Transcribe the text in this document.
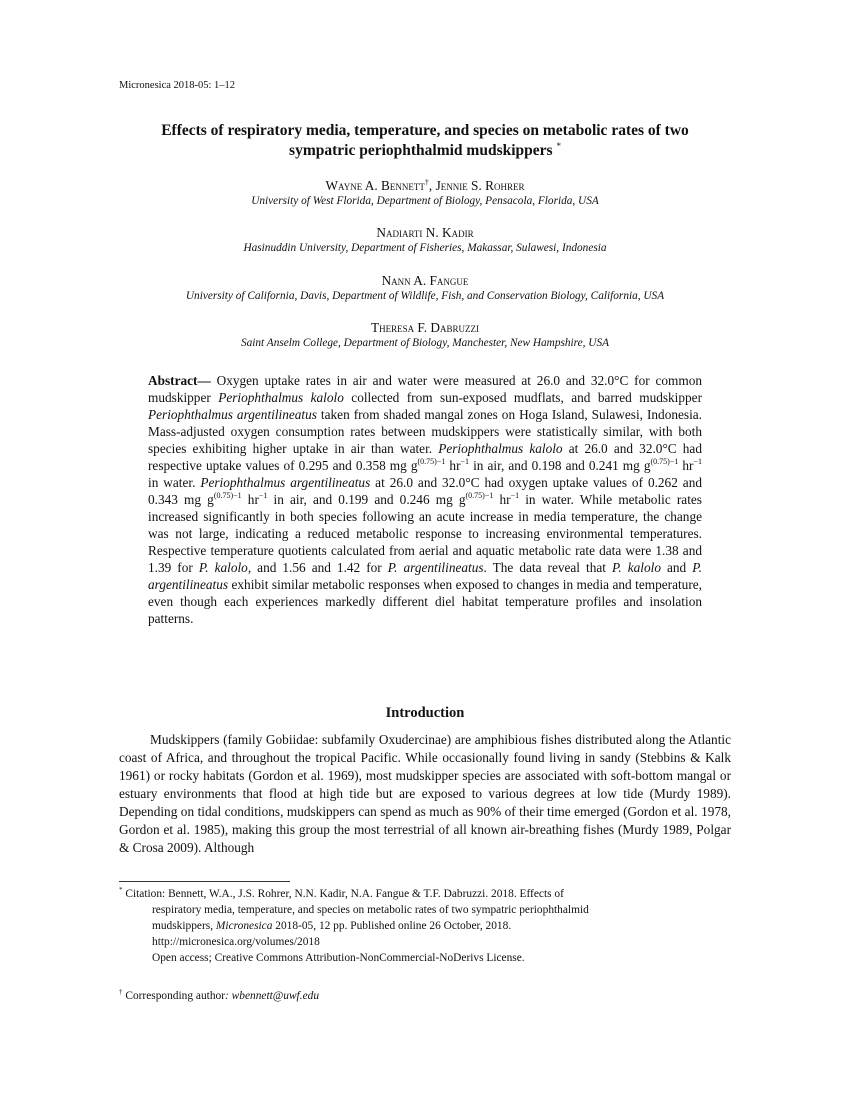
Micronesica 2018-05: 1–12
Effects of respiratory media, temperature, and species on metabolic rates of two
sympatric periophthalmid mudskippers *
Wayne A. Bennett†, Jennie S. Rohrer
University of West Florida, Department of Biology, Pensacola, Florida, USA
Nadiarti N. Kadir
Hasinuddin University, Department of Fisheries, Makassar, Sulawesi, Indonesia
Nann A. Fangue
University of California, Davis, Department of Wildlife, Fish, and Conservation Biology, California, USA
Theresa F. Dabruzzi
Saint Anselm College, Department of Biology, Manchester, New Hampshire, USA
Abstract— Oxygen uptake rates in air and water were measured at 26.0 and 32.0°C for common mudskipper Periophthalmus kalolo collected from sun-exposed mudflats, and barred mudskipper Periophthalmus argentilineatus taken from shaded mangal zones on Hoga Island, Sulawesi, Indonesia. Mass-adjusted oxygen consumption rates between mudskippers were statistically similar, with both species exhibiting higher uptake in air than water. Periophthalmus kalolo at 26.0 and 32.0°C had respective uptake values of 0.295 and 0.358 mg $g^{(0.75)-1}$ $hr^{-1}$ in air, and 0.198 and 0.241 mg $g^{(0.75)-1}$ $hr^{-1}$ in water. Periophthalmus argentilineatus at 26.0 and 32.0°C had oxygen uptake values of 0.262 and 0.343 mg $g^{(0.75)-1}$ $hr^{-1}$ in air, and 0.199 and 0.246 mg $g^{(0.75)-1}$ $hr^{-1}$ in water. While metabolic rates increased significantly in both species following an acute increase in media temperature, the change was not large, indicating a reduced metabolic response to increasing environmental temperatures. Respective temperature quotients calculated from aerial and aquatic metabolic rate data were 1.38 and 1.39 for P. kalolo, and 1.56 and 1.42 for P. argentilineatus. The data reveal that P. kalolo and P. argentilineatus exhibit similar metabolic responses when exposed to changes in media and temperature, even though each experiences markedly different diel habitat temperature profiles and insolation patterns.
Introduction
Mudskippers (family Gobiidae: subfamily Oxudercinae) are amphibious fishes distributed along the Atlantic coast of Africa, and throughout the tropical Pacific. While occasionally found living in sandy (Stebbins & Kalk 1961) or rocky habitats (Gordon et al. 1969), most mudskipper species are associated with soft-bottom mangal or estuary environments that flood at high tide but are exposed to various degrees at low tide (Murdy 1989). Depending on tidal conditions, mudskippers can spend as much as 90% of their time emerged (Gordon et al. 1978, Gordon et al. 1985), making this group the most terrestrial of all known air-breathing fishes (Murdy 1989, Polgar & Crosa 2009). Although
* Citation: Bennett, W.A., J.S. Rohrer, N.N. Kadir, N.A. Fangue & T.F. Dabruzzi. 2018. Effects of
respiratory media, temperature, and species on metabolic rates of two sympatric periophthalmid
mudskippers, Micronesica 2018-05, 12 pp. Published online 26 October, 2018.
http://micronesica.org/volumes/2018
Open access; Creative Commons Attribution-NonCommercial-NoDerivs License.
† Corresponding author: wbennett@uwf.edu
